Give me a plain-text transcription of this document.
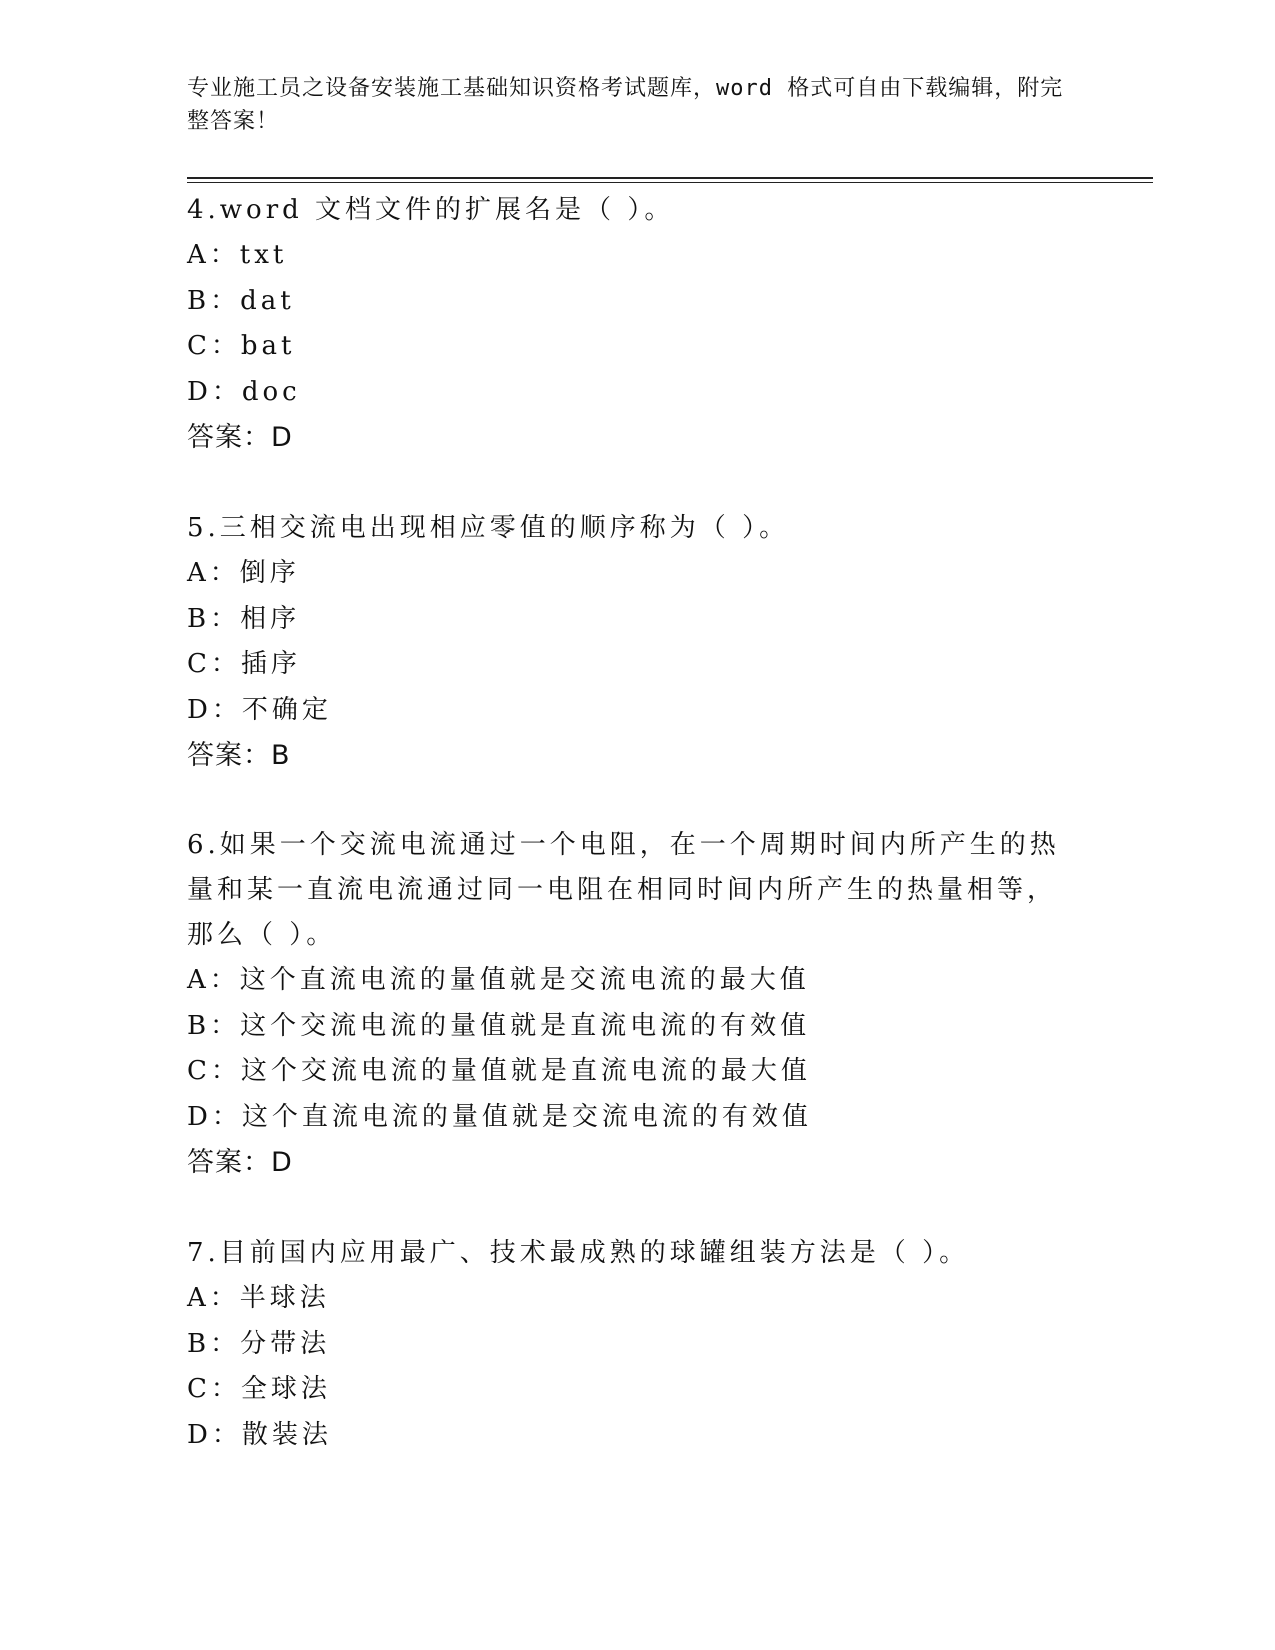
专业施工员之设备安装施工基础知识资格考试题库，word 格式可自由下载编辑，附完整答案！

4.word 文档文件的扩展名是（ ）。

A：txt

B：dat

C：bat

D：doc

答案：D

5.三相交流电出现相应零值的顺序称为（ ）。

A：倒序

B：相序

C：插序

D：不确定

答案：B

6.如果一个交流电流通过一个电阻，在一个周期时间内所产生的热量和某一直流电流通过同一电阻在相同时间内所产生的热量相等，那么（ ）。

A：这个直流电流的量值就是交流电流的最大值

B：这个交流电流的量值就是直流电流的有效值

C：这个交流电流的量值就是直流电流的最大值

D：这个直流电流的量值就是交流电流的有效值

答案：D

7.目前国内应用最广、技术最成熟的球罐组装方法是（ ）。

A：半球法

B：分带法

C：全球法

D：散装法
